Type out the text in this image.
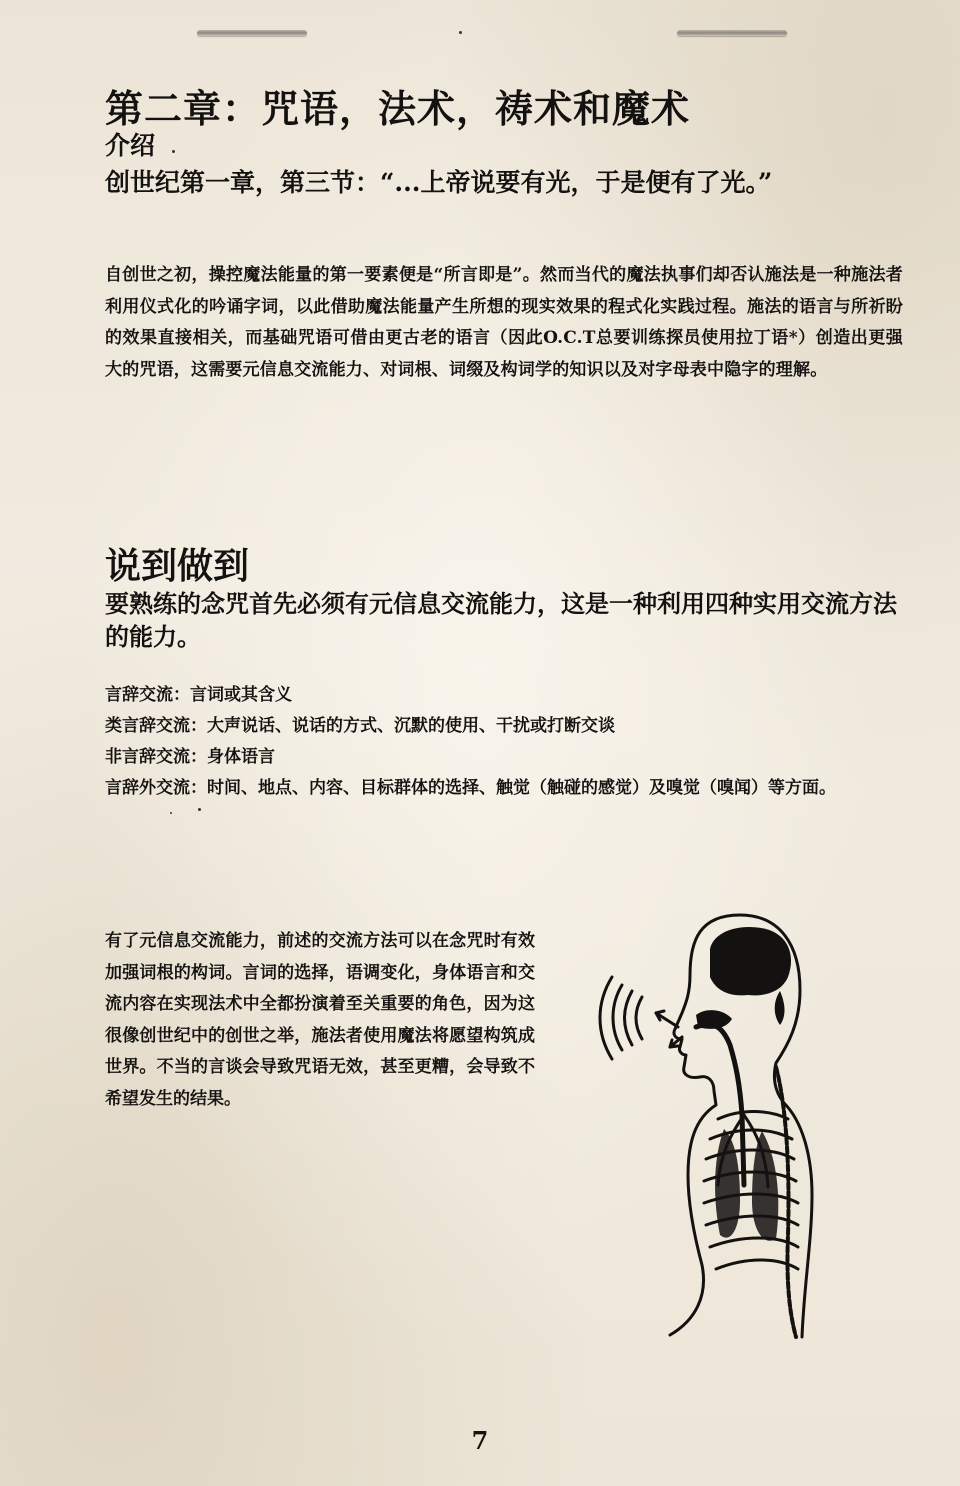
第二章：咒语，法术，祷术和魔术
介绍
创世纪第一章，第三节：“...上帝说要有光，于是便有了光。”
自创世之初，操控魔法能量的第一要素便是“所言即是”。然而当代的魔法执事们却否认施法是一种施法者利用仪式化的吟诵字词，以此借助魔法能量产生所想的现实效果的程式化实践过程。施法的语言与所祈盼的效果直接相关，而基础咒语可借由更古老的语言（因此O.C.T总要训练探员使用拉丁语*）创造出更强大的咒语，这需要元信息交流能力、对词根、词缀及构词学的知识以及对字母表中隐字的理解。
说到做到
要熟练的念咒首先必须有元信息交流能力，这是一种利用四种实用交流方法的能力。
言辞交流：言词或其含义
类言辞交流：大声说话、说话的方式、沉默的使用、干扰或打断交谈
非言辞交流：身体语言
言辞外交流：时间、地点、内容、目标群体的选择、触觉（触碰的感觉）及嗅觉（嗅闻）等方面。
有了元信息交流能力，前述的交流方法可以在念咒时有效加强词根的构词。言词的选择，语调变化，身体语言和交流内容在实现法术中全都扮演着至关重要的角色，因为这很像创世纪中的创世之举，施法者使用魔法将愿望构筑成世界。不当的言谈会导致咒语无效，甚至更糟，会导致不希望发生的结果。
7
